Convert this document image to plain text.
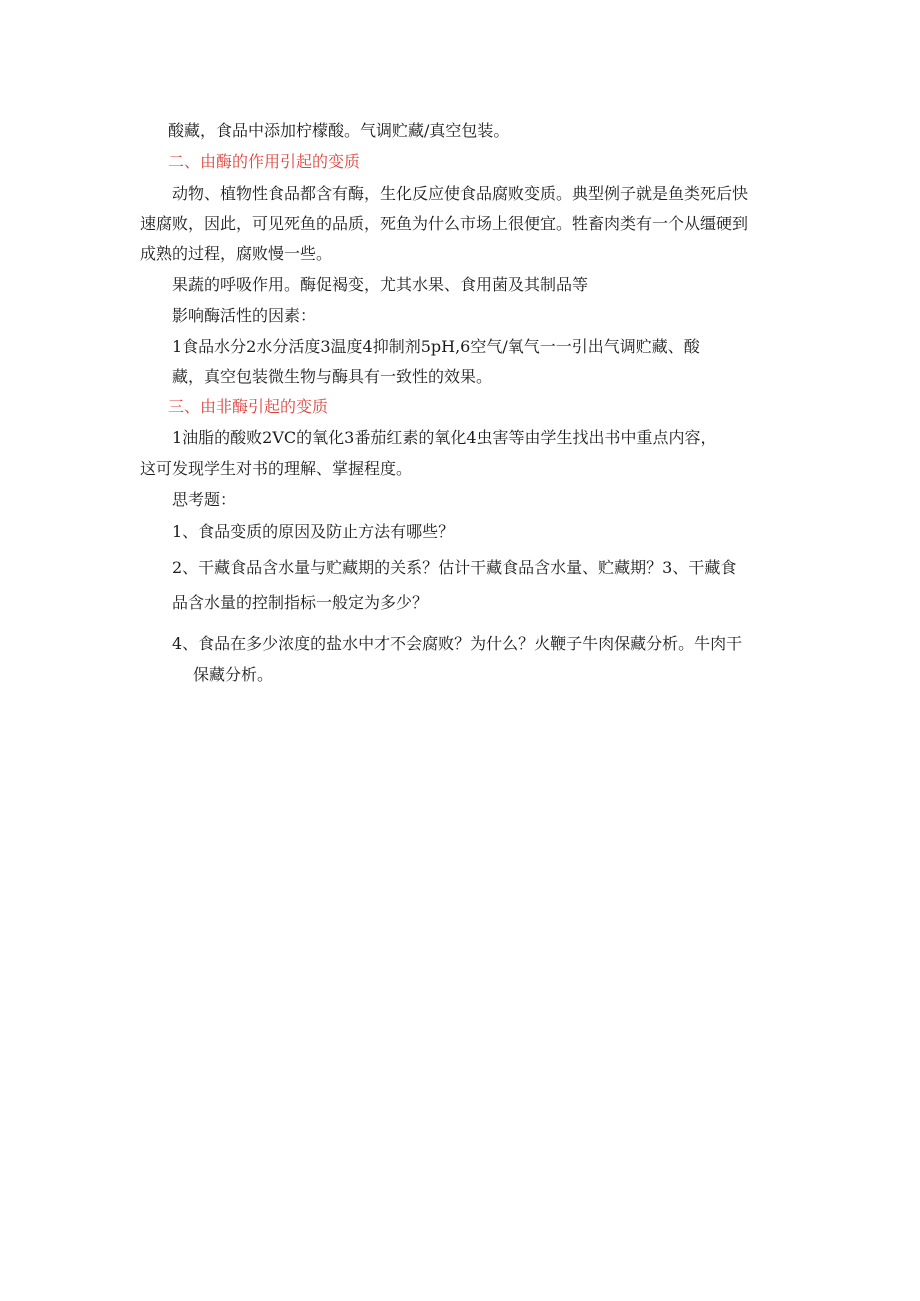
酸藏，食品中添加柠檬酸。气调贮藏/真空包装。
二、由酶的作用引起的变质
动物、植物性食品都含有酶，生化反应使食品腐败变质。典型例子就是鱼类死后快
速腐败，因此，可见死鱼的品质，死鱼为什么市场上很便宜。牲畜肉类有一个从缰硬到
成熟的过程，腐败慢一些。
果蔬的呼吸作用。酶促褐变，尤其水果、食用菌及其制品等
影响酶活性的因素：
1食品水分2水分活度3温度4抑制剂5pH,6空气/氧气一一引出气调贮藏、酸
藏，真空包装微生物与酶具有一致性的效果。
三、由非酶引起的变质
1油脂的酸败2VC的氧化3番茄红素的氧化4虫害等由学生找出书中重点内容，
这可发现学生对书的理解、掌握程度。
思考题：
1、食品变质的原因及防止方法有哪些？
2、干藏食品含水量与贮藏期的关系？估计干藏食品含水量、贮藏期？3、干藏食
品含水量的控制指标一般定为多少？
4、食品在多少浓度的盐水中才不会腐败？为什么？火鞭子牛肉保藏分析。牛肉干
保藏分析。
